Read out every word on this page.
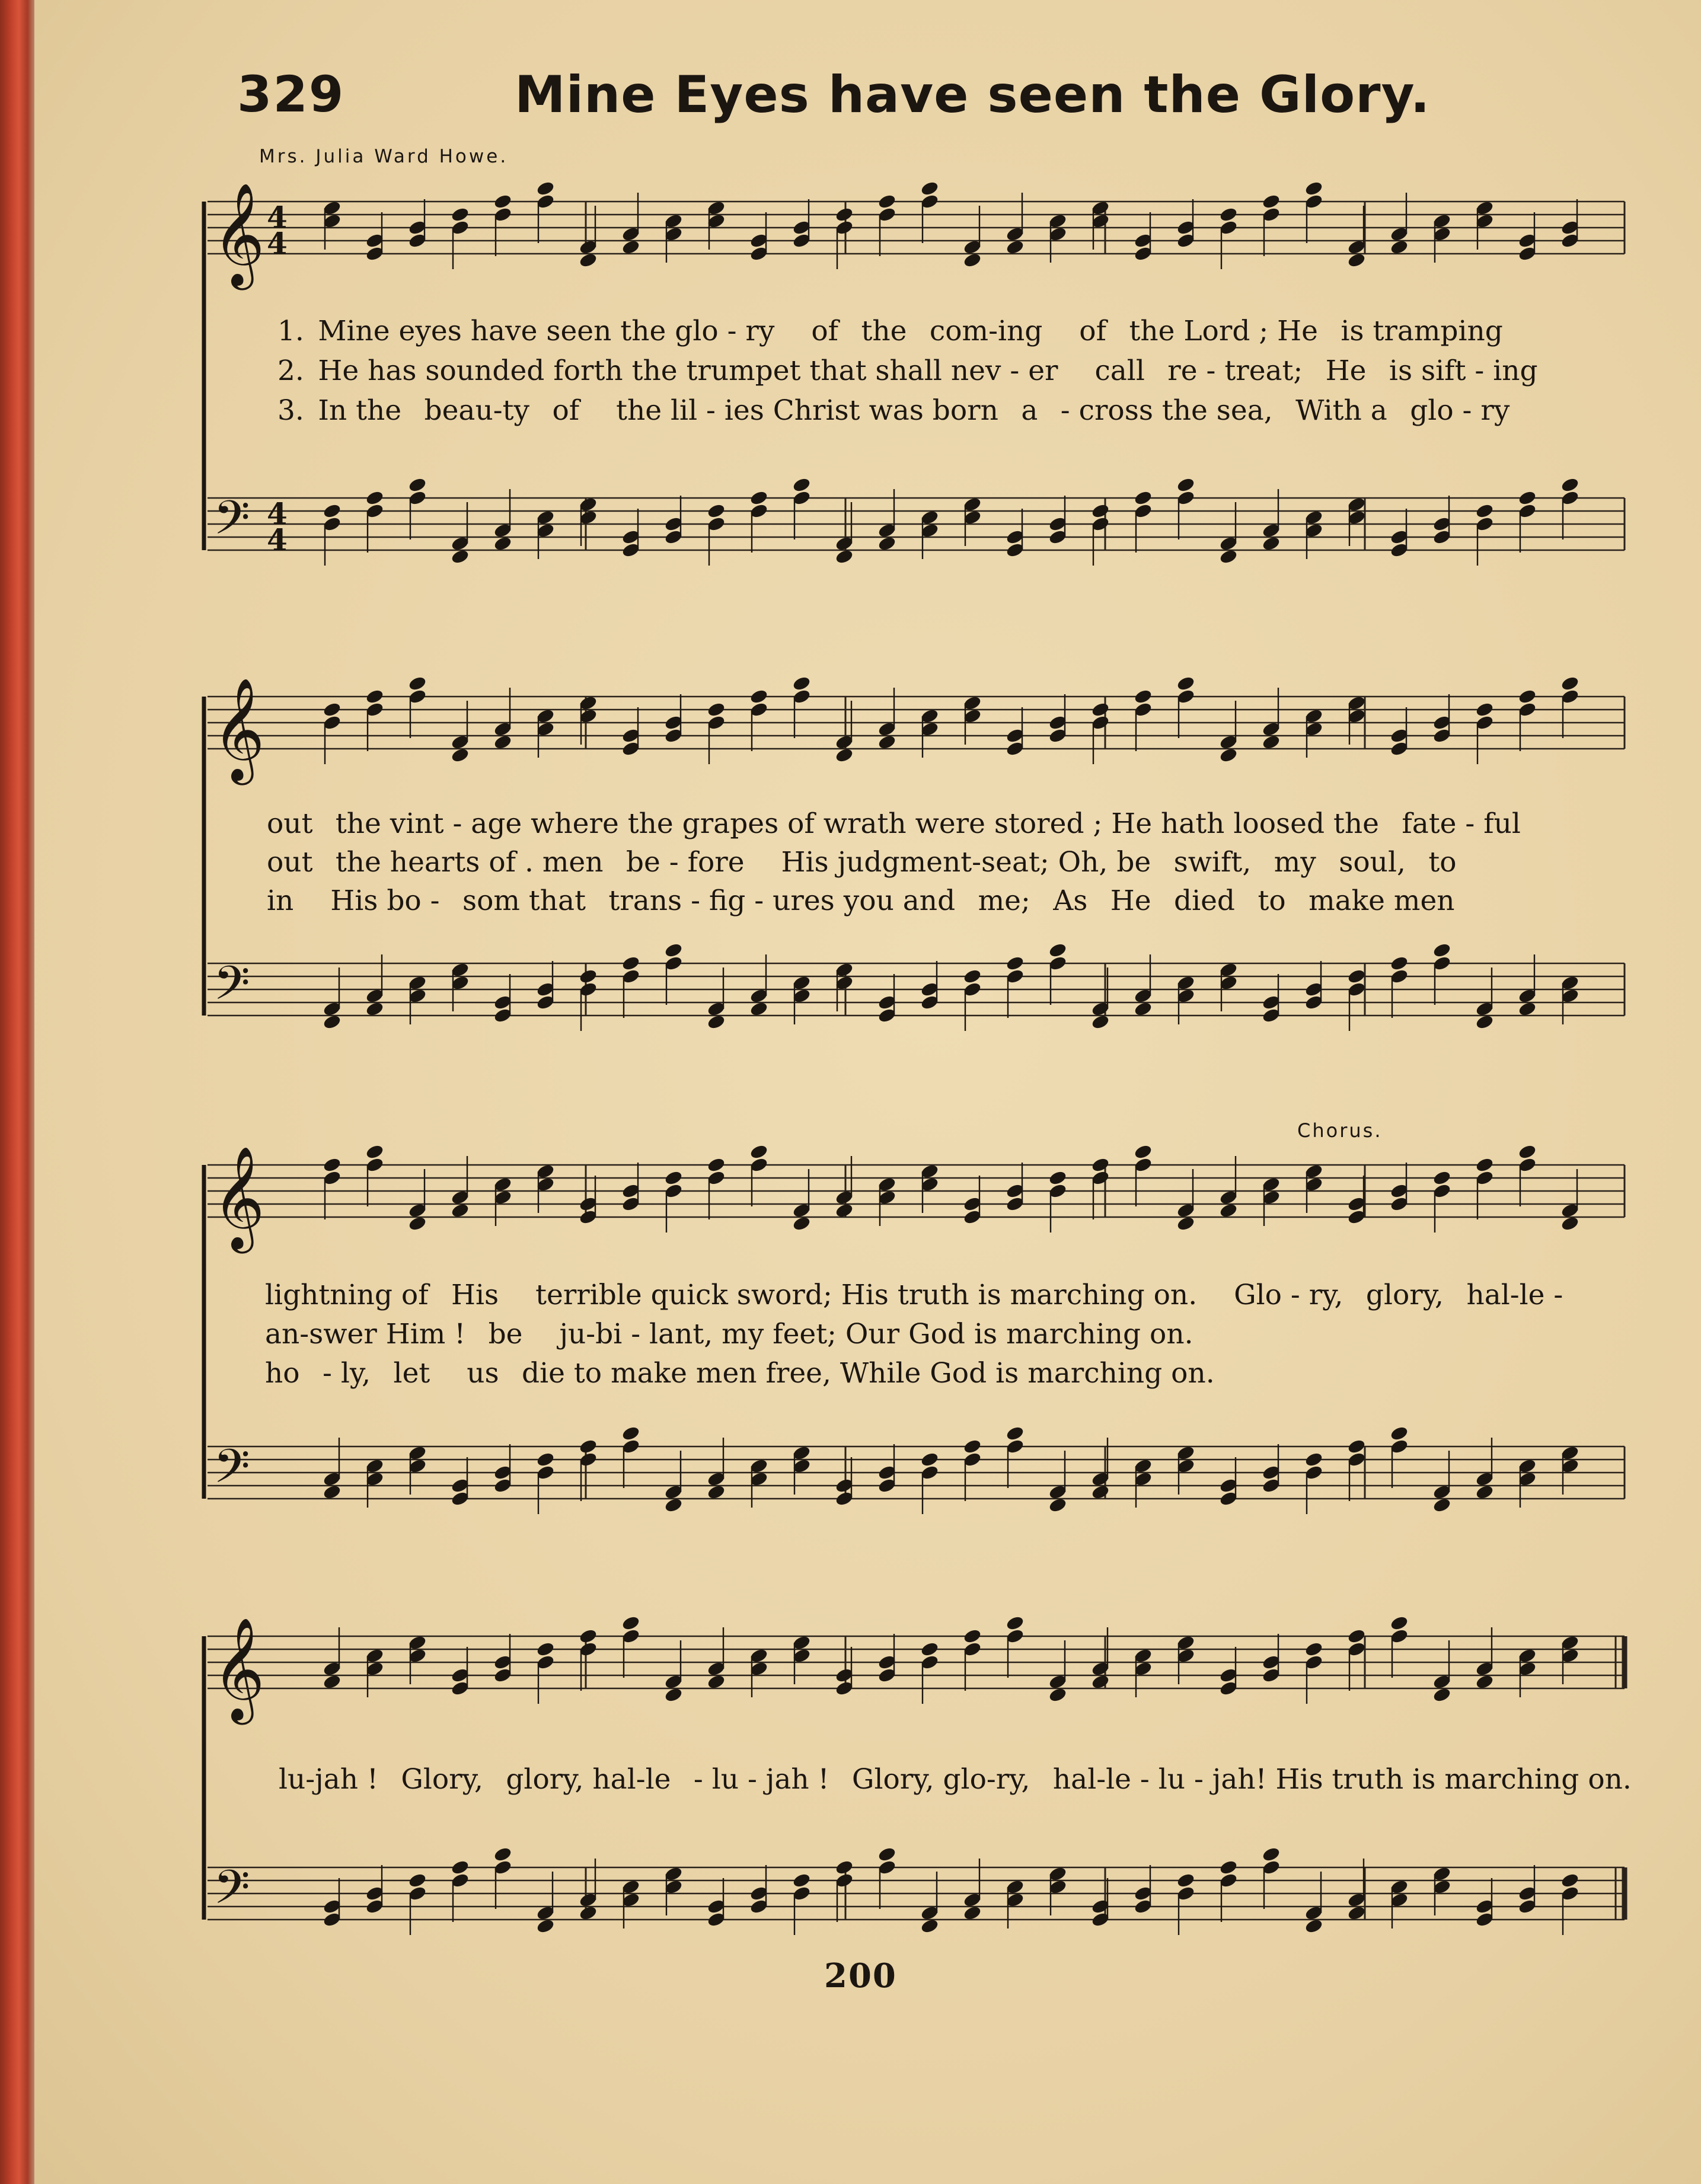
329	Mine Eyes have seen the Glory.
Mrs. Julia Ward Howe.
Chorus.
𝄞
𝄢
4
4
4
4
𝄞
𝄢
𝄞
𝄢
𝄞
𝄢
1. Mine eyes have seen the glo - ry  of  the  com-ing  of  the Lord ; He  is tramping
2. He has sounded forth the trumpet that shall nev - er  call  re - treat;  He  is sift - ing
3. In the  beau-ty  of  the lil - ies Christ was born  a  - cross the sea,  With a  glo - ry
out  the vint - age where the grapes of wrath were stored ; He hath loosed the  fate - ful
out  the hearts of . men  be - fore  His judgment-seat; Oh, be  swift,  my  soul,  to
in  His bo -  som that  trans - fig - ures you and  me;  As  He  died  to  make men
lightning of  His  terrible quick sword; His truth is marching on.  Glo - ry,  glory,  hal-le -
an-swer Him !  be  ju-bi - lant, my feet; Our God is marching on.
ho  - ly,  let  us  die to make men free, While God is marching on.
lu-jah !  Glory,  glory, hal-le  - lu - jah !  Glory, glo-ry,  hal-le - lu - jah! His truth is marching on.
200
